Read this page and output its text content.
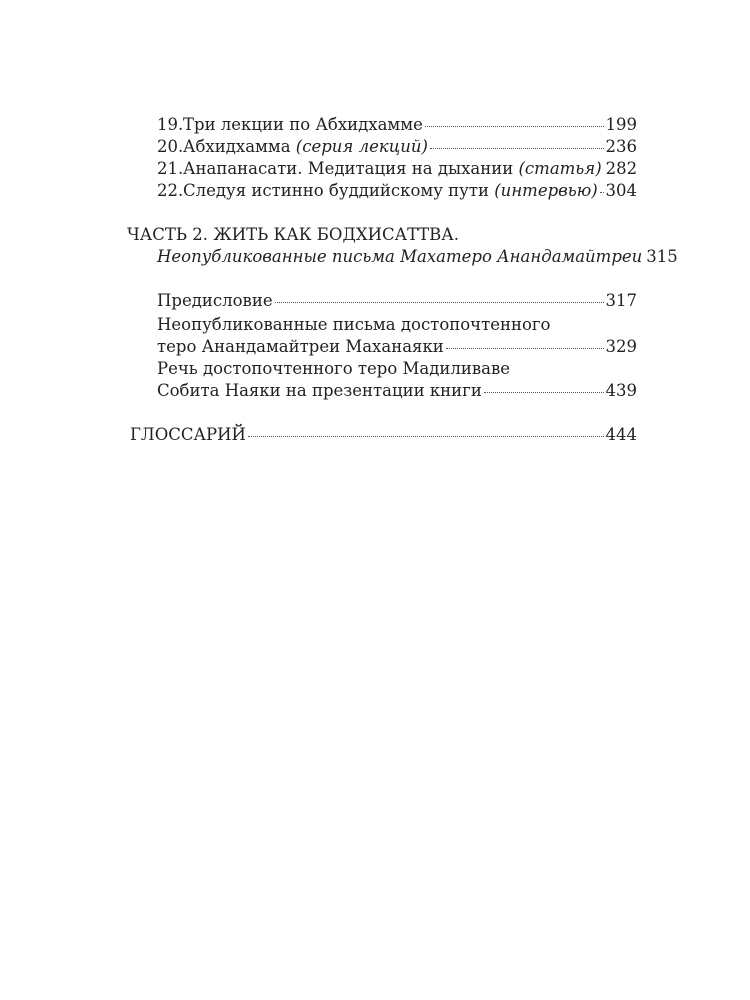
19. Три лекции по Абхидхамме	199
20. Абхидхамма (серия лекций)	236
21. Анапанасати. Медитация на дыхании (статья) 282
22. Следуя истинно буддийскому пути (интервью) 304
ЧАСТЬ 2. ЖИТЬ КАК БОДХИСАТТВА.
Неопубликованные письма Махатеро Анандамайтреи 315
Предисловие	317
Неопубликованные письма достопочтенного
теро Анандамайтреи Маханаяки	329
Речь достопочтенного теро Мадиливаве
Собита Наяки на презентации книги	439
ГЛОССАРИЙ	444
